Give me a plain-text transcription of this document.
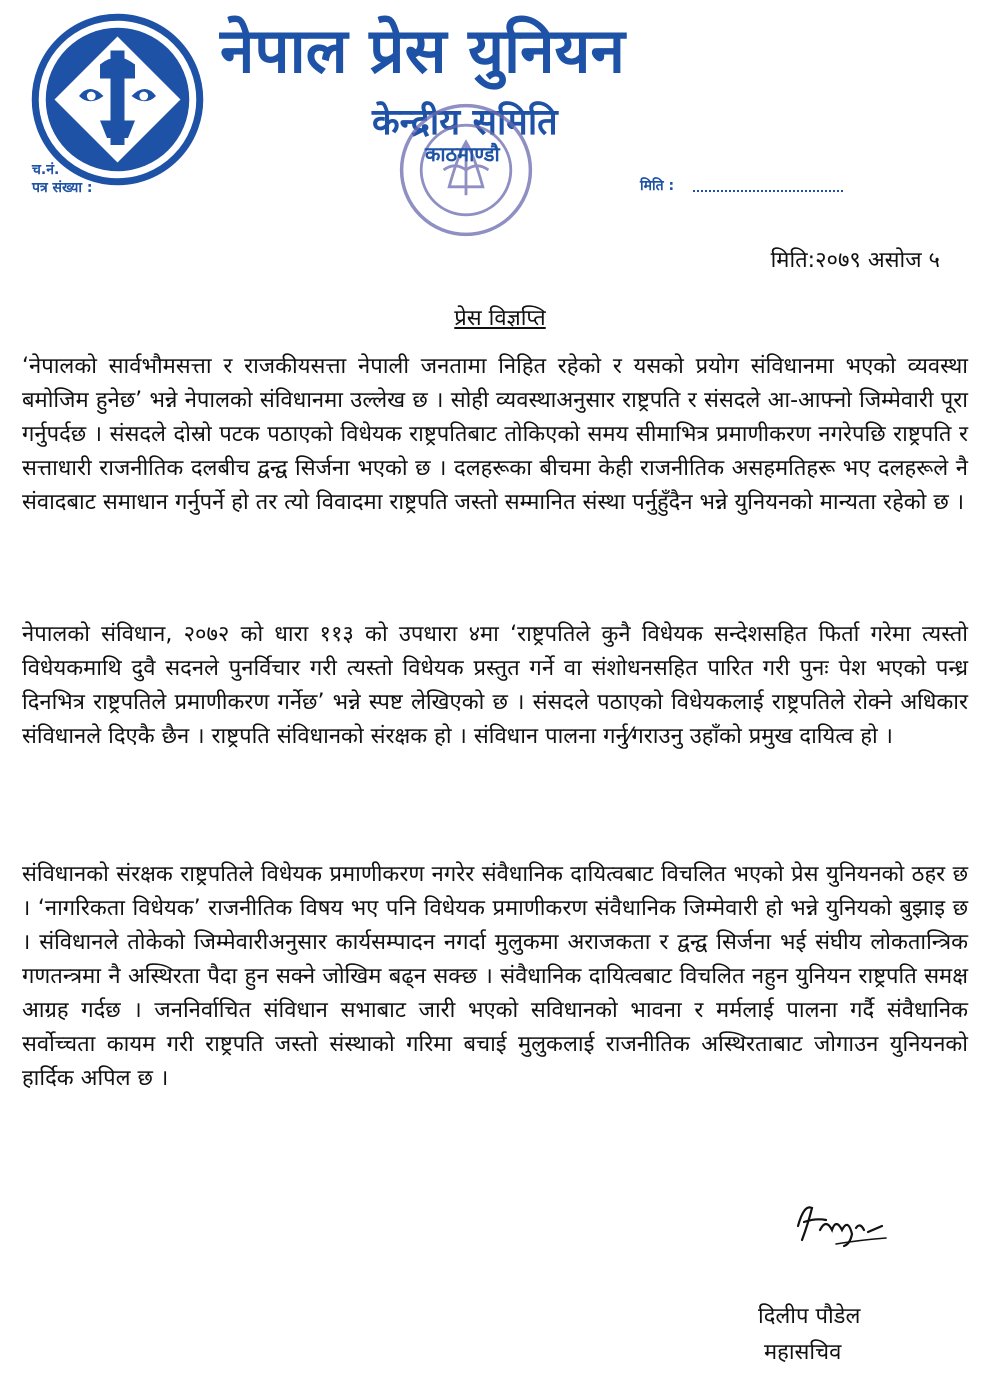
नेपाल प्रेस युनियन
केन्द्रीय समिति
काठमाण्डौ
च.नं.
पत्र संख्या :	मिति :
मिति:२०७९ असोज ५
प्रेस विज्ञप्ति

‘नेपालको सार्वभौमसत्ता र राजकीयसत्ता नेपाली जनतामा निहित रहेको र यसको प्रयोग संविधानमा भएको व्यवस्था बमोजिम हुनेछ’ भन्ने नेपालको संविधानमा उल्लेख छ । सोही व्यवस्थाअनुसार राष्ट्रपति र संसदले आ-आफ्नो जिम्मेवारी पूरा गर्नुपर्दछ । संसदले दोस्रो पटक पठाएको विधेयक राष्ट्रपतिबाट तोकिएको समय सीमाभित्र प्रमाणीकरण नगरेपछि राष्ट्रपति र सत्ताधारी राजनीतिक दलबीच द्वन्द्व सिर्जना भएको छ । दलहरूका बीचमा केही राजनीतिक असहमतिहरू भए दलहरूले नै संवादबाट समाधान गर्नुपर्ने हो तर त्यो विवादमा राष्ट्रपति जस्तो सम्मानित संस्था पर्नुहुँदैन भन्ने युनियनको मान्यता रहेको छ ।

नेपालको संविधान, २०७२ को धारा ११३ को उपधारा ४मा ‘राष्ट्रपतिले कुनै विधेयक सन्देशसहित फिर्ता गरेमा त्यस्तो विधेयकमाथि दुवै सदनले पुनर्विचार गरी त्यस्तो विधेयक प्रस्तुत गर्ने वा संशोधनसहित पारित गरी पुनः पेश भएको पन्ध्र दिनभित्र राष्ट्रपतिले प्रमाणीकरण गर्नेछ’ भन्ने स्पष्ट लेखिएको छ । संसदले पठाएको विधेयकलाई राष्ट्रपतिले रोक्ने अधिकार संविधानले दिएकै छैन । राष्ट्रपति संविधानको संरक्षक हो । संविधान पालना गर्नु⁄गराउनु उहाँको प्रमुख दायित्व हो ।

संविधानको संरक्षक राष्ट्रपतिले विधेयक प्रमाणीकरण नगरेर संवैधानिक दायित्वबाट विचलित भएको प्रेस युनियनको ठहर छ । ‘नागरिकता विधेयक’ राजनीतिक विषय भए पनि विधेयक प्रमाणीकरण संवैधानिक जिम्मेवारी हो भन्ने युनियको बुझाइ छ । संविधानले तोकेको जिम्मेवारीअनुसार कार्यसम्पादन नगर्दा मुलुकमा अराजकता र द्वन्द्व सिर्जना भई संघीय लोकतान्त्रिक गणतन्त्रमा नै अस्थिरता पैदा हुन सक्ने जोखिम बढ्न सक्छ । संवैधानिक दायित्वबाट विचलित नहुन युनियन राष्ट्रपति समक्ष आग्रह गर्दछ । जननिर्वाचित संविधान सभाबाट जारी भएको सविधानको भावना र मर्मलाई पालना गर्दै संवैधानिक सर्वोच्चता कायम गरी राष्ट्रपति जस्तो संस्थाको गरिमा बचाई मुलुकलाई राजनीतिक अस्थिरताबाट जोगाउन युनियनको हार्दिक अपिल छ ।

दिलीप पौडेल
महासचिव
